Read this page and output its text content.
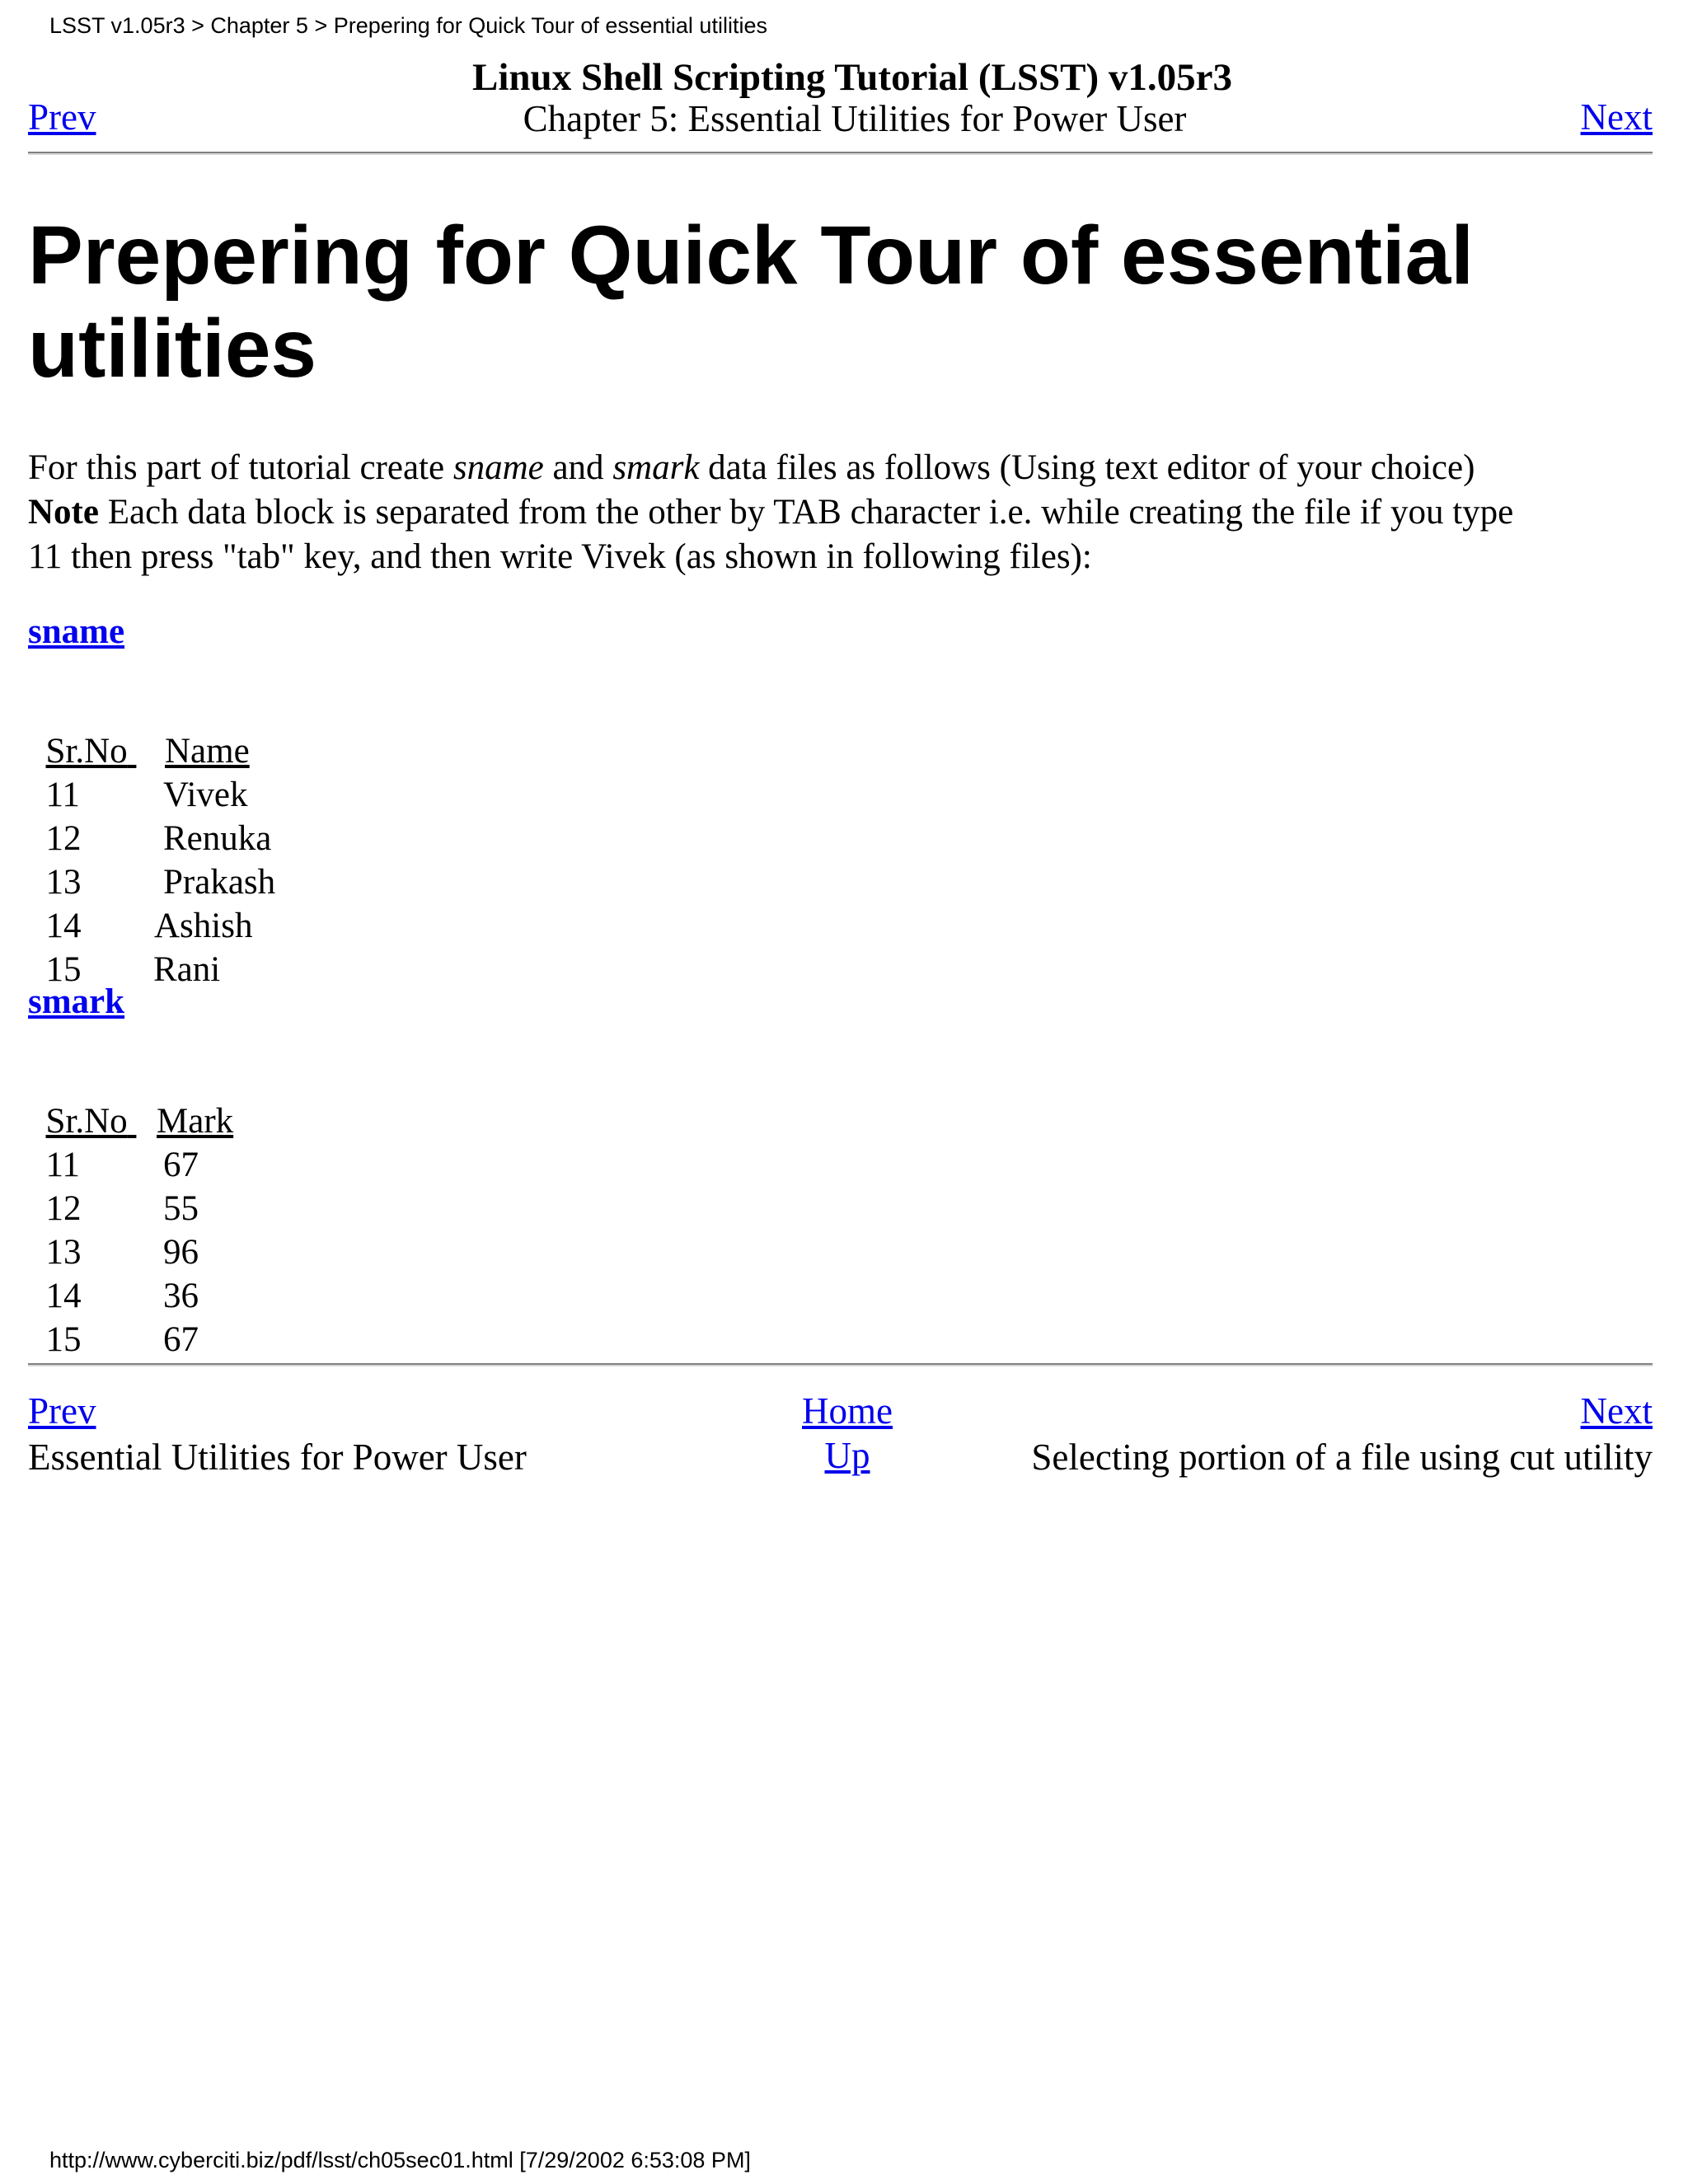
LSST v1.05r3 > Chapter 5 > Prepering for Quick Tour of essential utilities
Linux Shell Scripting Tutorial (LSST) v1.05r3
Chapter 5: Essential Utilities for Power User
Prev	Next
Prepering for Quick Tour of essential utilities

For this part of tutorial create sname and smark data files as follows (Using text editor of your choice)
Note Each data block is separated from the other by TAB character i.e. while creating the file if you type
11 then press "tab" key, and then write Vivek (as shown in following files):

sname

Sr.No Name

11 Vivek

12 Renuka

13 Prakash

14 Ashish

15 Rani

smark

Sr.No Mark

11 67

12 55

13 96

14 36

15 67

Prev	Home	Next
Essential Utilities for Power User	Up	Selecting portion of a file using cut utility
http://www.cyberciti.biz/pdf/lsst/ch05sec01.html [7/29/2002 6:53:08 PM]
